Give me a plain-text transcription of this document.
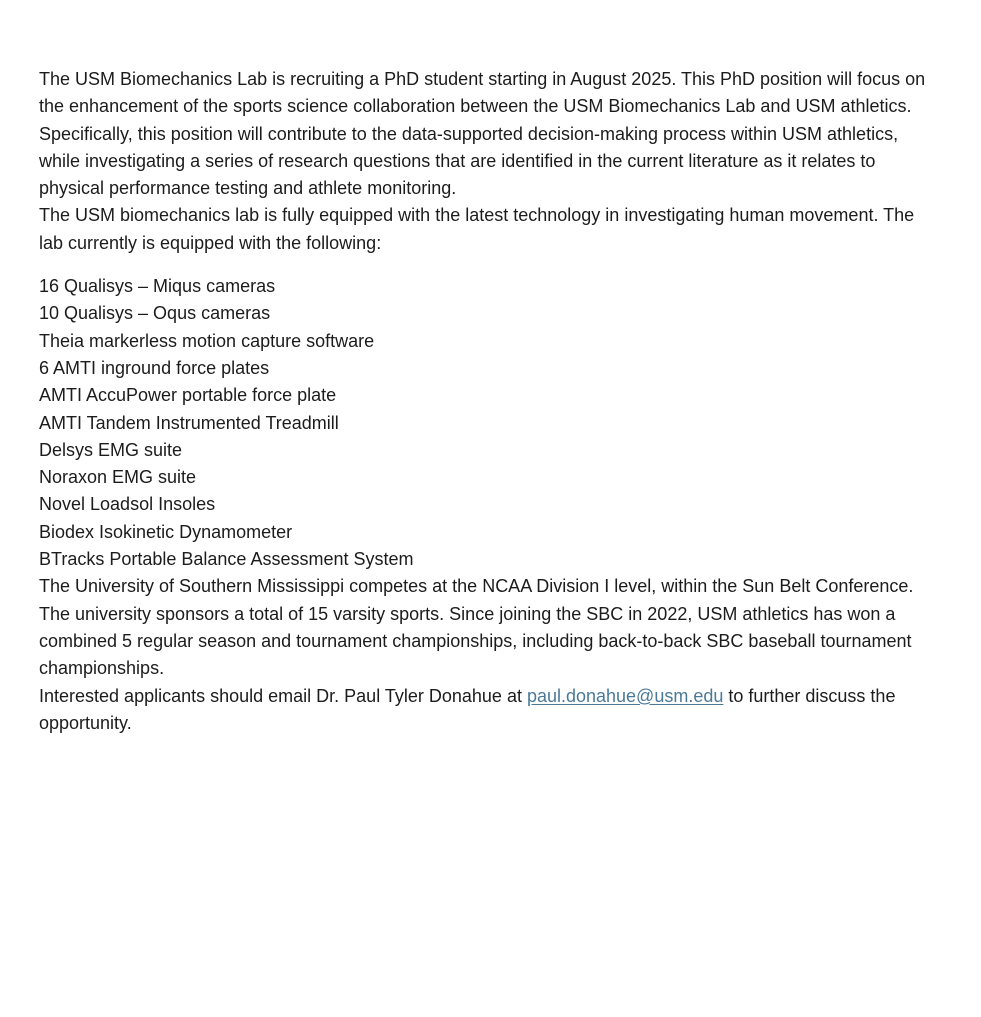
The USM Biomechanics Lab is recruiting a PhD student starting in August 2025. This PhD position will focus on the enhancement of the sports science collaboration between the USM Biomechanics Lab and USM athletics. Specifically, this position will contribute to the data-supported decision-making process within USM athletics, while investigating a series of research questions that are identified in the current literature as it relates to physical performance testing and athlete monitoring.

The USM biomechanics lab is fully equipped with the latest technology in investigating human movement. The lab currently is equipped with the following:

16 Qualisys – Miqus cameras
10 Qualisys – Oqus cameras
Theia markerless motion capture software
6 AMTI inground force plates
AMTI AccuPower portable force plate
AMTI Tandem Instrumented Treadmill
Delsys EMG suite
Noraxon EMG suite
Novel Loadsol Insoles
Biodex Isokinetic Dynamometer
BTracks Portable Balance Assessment System

The University of Southern Mississippi competes at the NCAA Division I level, within the Sun Belt Conference. The university sponsors a total of 15 varsity sports. Since joining the SBC in 2022, USM athletics has won a combined 5 regular season and tournament championships, including back-to-back SBC baseball tournament championships.

Interested applicants should email Dr. Paul Tyler Donahue at paul.donahue@usm.edu to further discuss the opportunity.
